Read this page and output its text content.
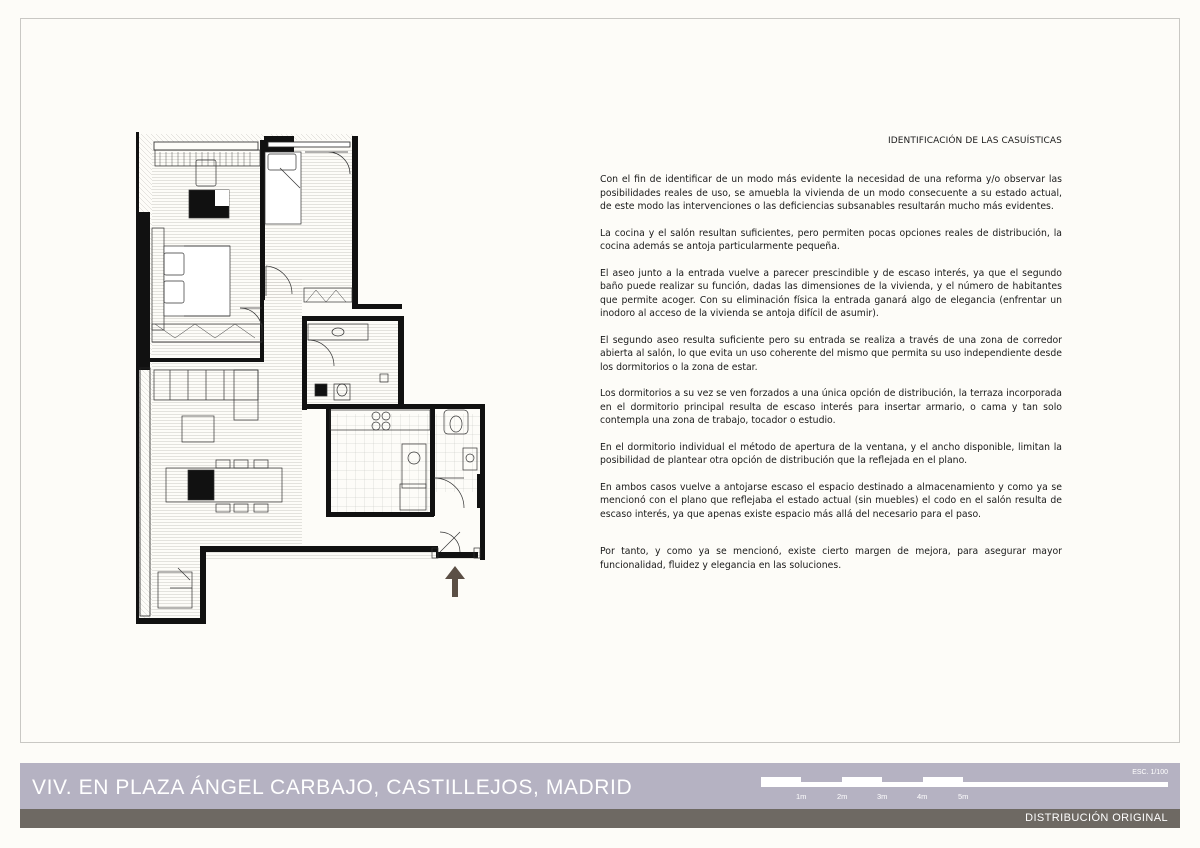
IDENTIFICACIÓN DE LAS CASUÍSTICAS

Con el fin de identificar de un modo más evidente la necesidad de una reforma y/o observar las posibilidades reales de uso, se amuebla la vivienda de un modo consecuente a su estado actual, de este modo las intervenciones o las deficiencias subsanables resultarán mucho más evidentes.

La cocina y el salón resultan suficientes, pero permiten pocas opciones reales de distribución, la cocina además se antoja particularmente pequeña.

El aseo junto a la entrada vuelve a parecer prescindible y de escaso interés, ya que el segundo baño puede realizar su función, dadas las dimensiones de la vivienda, y el número de habitantes que permite acoger. Con su eliminación física la entrada ganará algo de elegancia (enfrentar un inodoro al acceso de la vivienda se antoja difícil de asumir).

El segundo aseo resulta suficiente pero su entrada se realiza a través de una zona de corredor abierta al salón, lo que evita un uso coherente del mismo que permita su uso independiente desde los dormitorios o la zona de estar.

Los dormitorios a su vez se ven forzados a una única opción de distribución, la terraza incorporada en el dormitorio principal resulta de escaso interés para insertar armario, o cama y tan solo contempla una zona de trabajo, tocador o estudio.

En el dormitorio individual el método de apertura de la ventana, y el ancho disponible, limitan la posibilidad de plantear otra opción de distribución que la reflejada en el plano.

En ambos casos vuelve a antojarse escaso el espacio destinado a almacenamiento y como ya se mencionó con el plano que reflejaba el estado actual (sin muebles) el codo en el salón resulta de escaso interés, ya que apenas existe espacio más allá del necesario para el paso.

Por tanto, y como ya se mencionó, existe cierto margen de mejora, para asegurar mayor funcionalidad, fluidez y elegancia en las soluciones.

VIV. EN PLAZA ÁNGEL CARBAJO, CASTILLEJOS, MADRID
ESC. 1/100
1m	2m	3m	4m	5m
DISTRIBUCIÓN ORIGINAL
